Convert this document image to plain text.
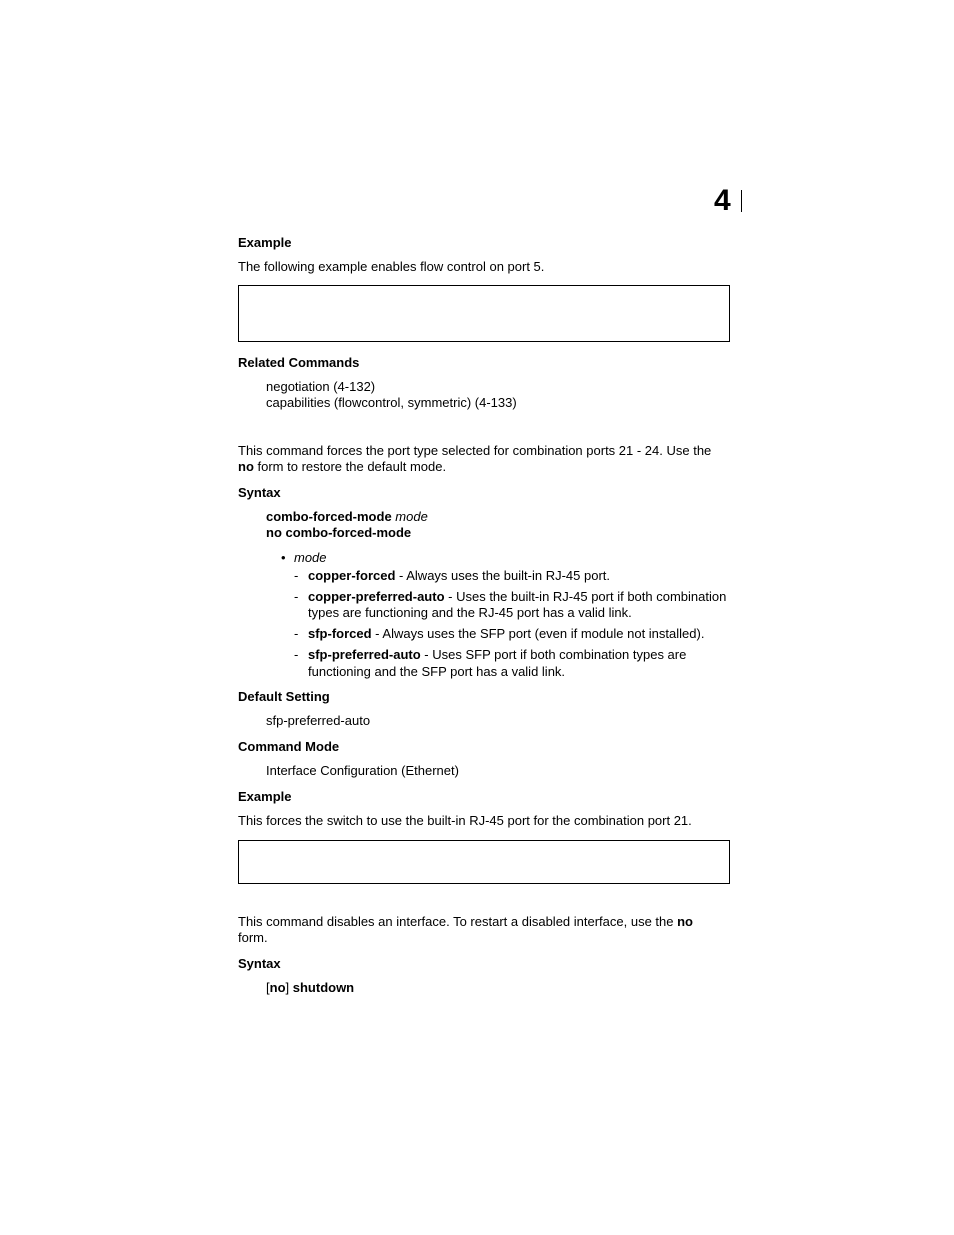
4
Example
The following example enables flow control on port 5.
Related Commands
negotiation (4-132)
capabilities (flowcontrol, symmetric) (4-133)
This command forces the port type selected for combination ports 21 - 24. Use the
no form to restore the default mode.
Syntax
combo-forced-mode mode
no combo-forced-mode
• mode
- copper-forced - Always uses the built-in RJ-45 port.
- copper-preferred-auto - Uses the built-in RJ-45 port if both combination
types are functioning and the RJ-45 port has a valid link.
- sfp-forced - Always uses the SFP port (even if module not installed).
- sfp-preferred-auto - Uses SFP port if both combination types are
functioning and the SFP port has a valid link.
Default Setting
sfp-preferred-auto
Command Mode
Interface Configuration (Ethernet)
Example
This forces the switch to use the built-in RJ-45 port for the combination port 21.
This command disables an interface. To restart a disabled interface, use the no
form.
Syntax
[no] shutdown
